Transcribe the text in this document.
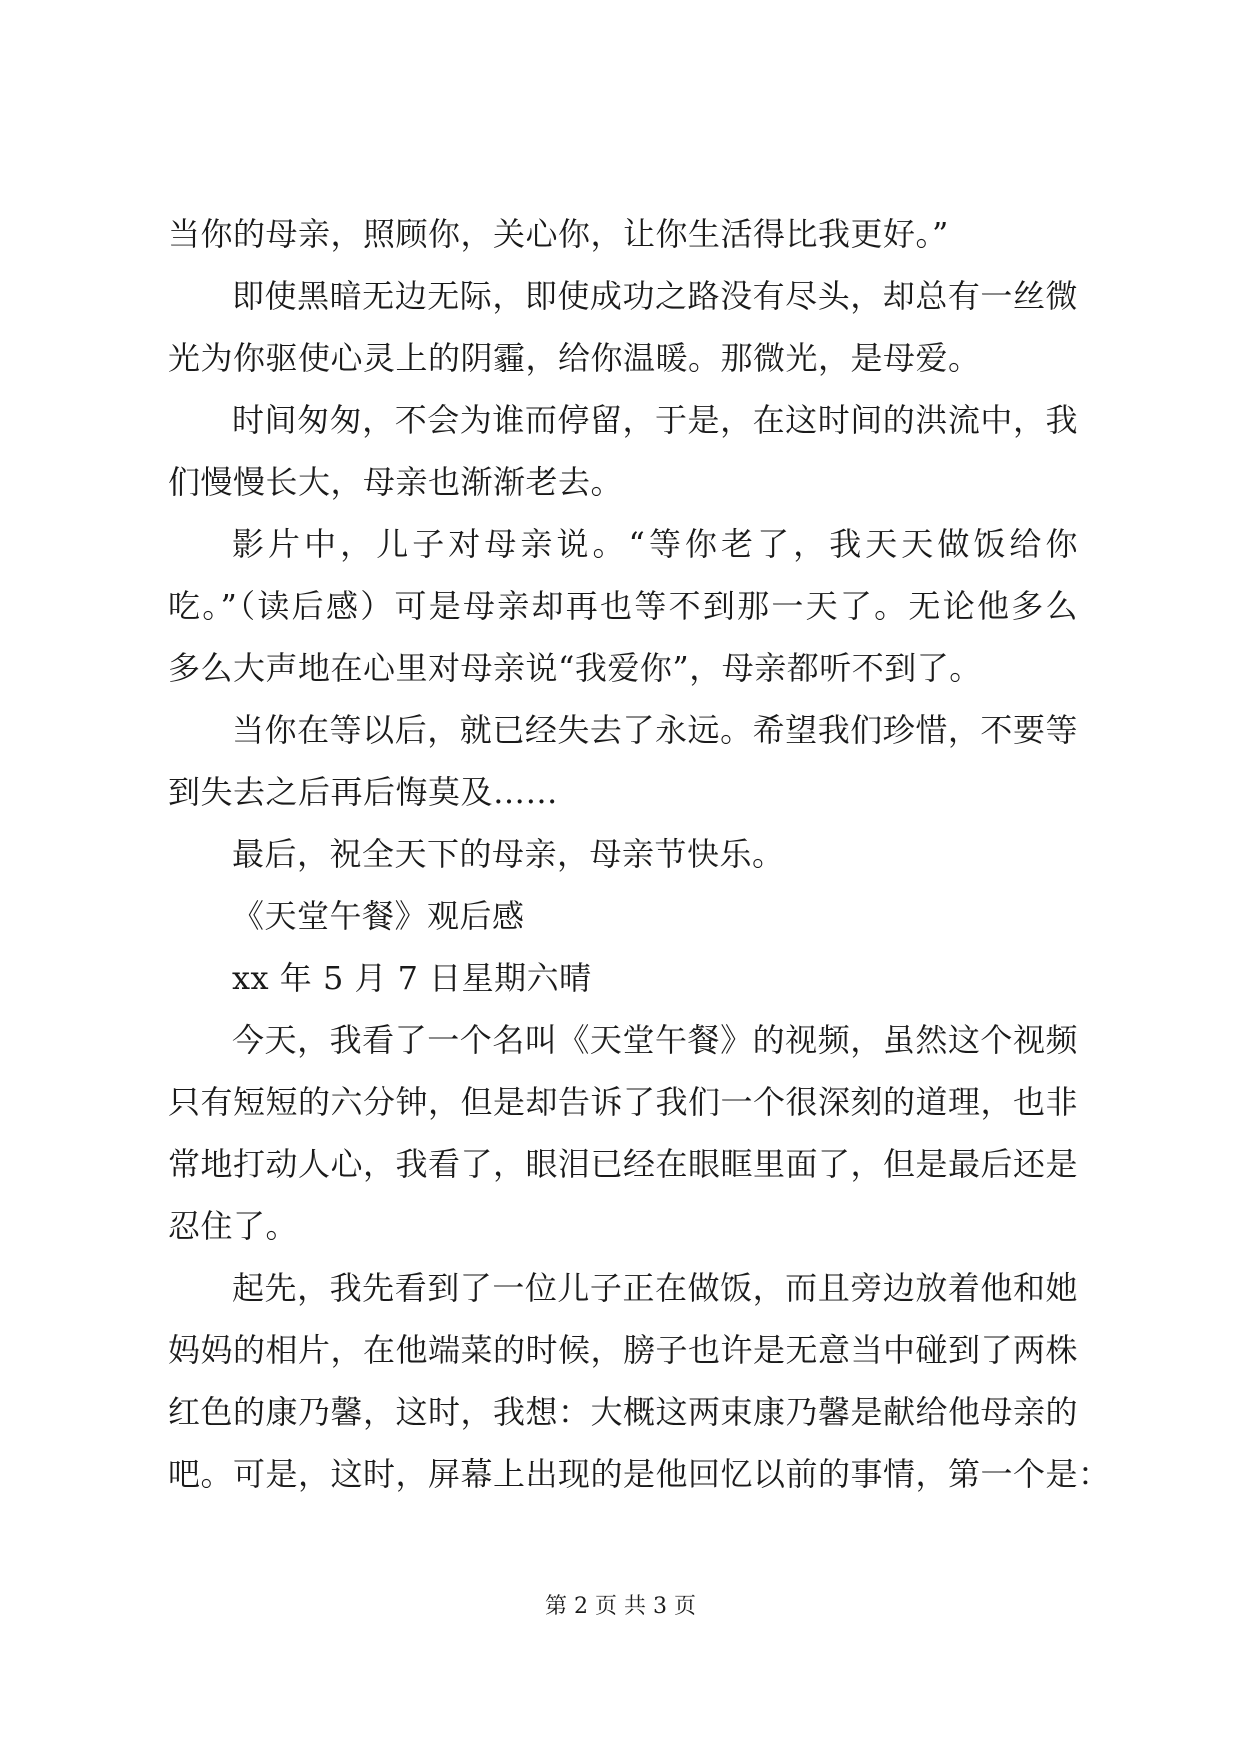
当你的母亲，照顾你，关心你，让你生活得比我更好。”
即使黑暗无边无际，即使成功之路没有尽头，却总有一丝微
光为你驱使心灵上的阴霾，给你温暖。那微光，是母爱。
时间匆匆，不会为谁而停留，于是，在这时间的洪流中，我
们慢慢长大，母亲也渐渐老去。
影片中，儿子对母亲说。“等你老了，我天天做饭给你
吃。”（读后感）可是母亲却再也等不到那一天了。无论他多么
多么大声地在心里对母亲说“我爱你”，母亲都听不到了。
当你在等以后，就已经失去了永远。希望我们珍惜，不要等
到失去之后再后悔莫及……
最后，祝全天下的母亲，母亲节快乐。
《天堂午餐》观后感
xx 年 5 月 7 日星期六晴
今天，我看了一个名叫《天堂午餐》的视频，虽然这个视频
只有短短的六分钟，但是却告诉了我们一个很深刻的道理，也非
常地打动人心，我看了，眼泪已经在眼眶里面了，但是最后还是
忍住了。
起先，我先看到了一位儿子正在做饭，而且旁边放着他和她
妈妈的相片，在他端菜的时候，膀子也许是无意当中碰到了两株
红色的康乃馨，这时，我想：大概这两束康乃馨是献给他母亲的
吧。可是，这时，屏幕上出现的是他回忆以前的事情，第一个是：
第 2 页 共 3 页
